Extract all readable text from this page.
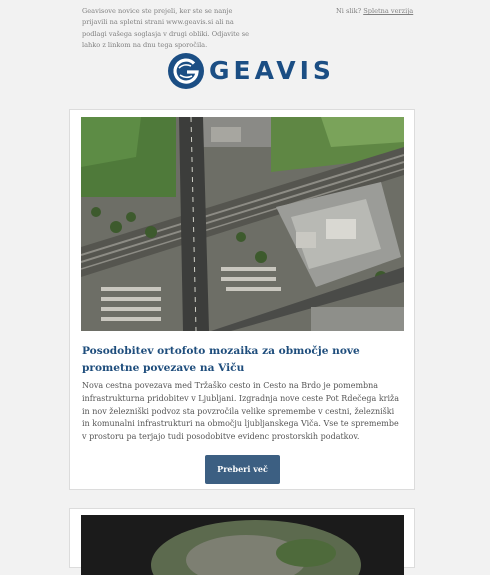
Geavisove novice ste prejeli, ker ste se nanje prijavili na spletni strani www.geavis.si ali na podlagi vašega soglasja v drugi obliki. Odjavite se lahko z linkom na dnu tega sporočila.
Ni slik? Spletna verzija
GEAVIS
Posodobitev ortofoto mozaika za območje nove prometne povezave na Viču
Nova cestna povezava med Tržaško cesto in Cesto na Brdo je pomembna infrastrukturna pridobitev v Ljubljani. Izgradnja nove ceste Pot Rdečega križa in nov železniški podvoz sta povzročila velike spremembe v cestni, železniški in komunalni infrastrukturi na območju ljubljanskega Viča. Vse te spremembe v prostoru pa terjajo tudi posodobitve evidenc prostorskih podatkov.
Preberi več
